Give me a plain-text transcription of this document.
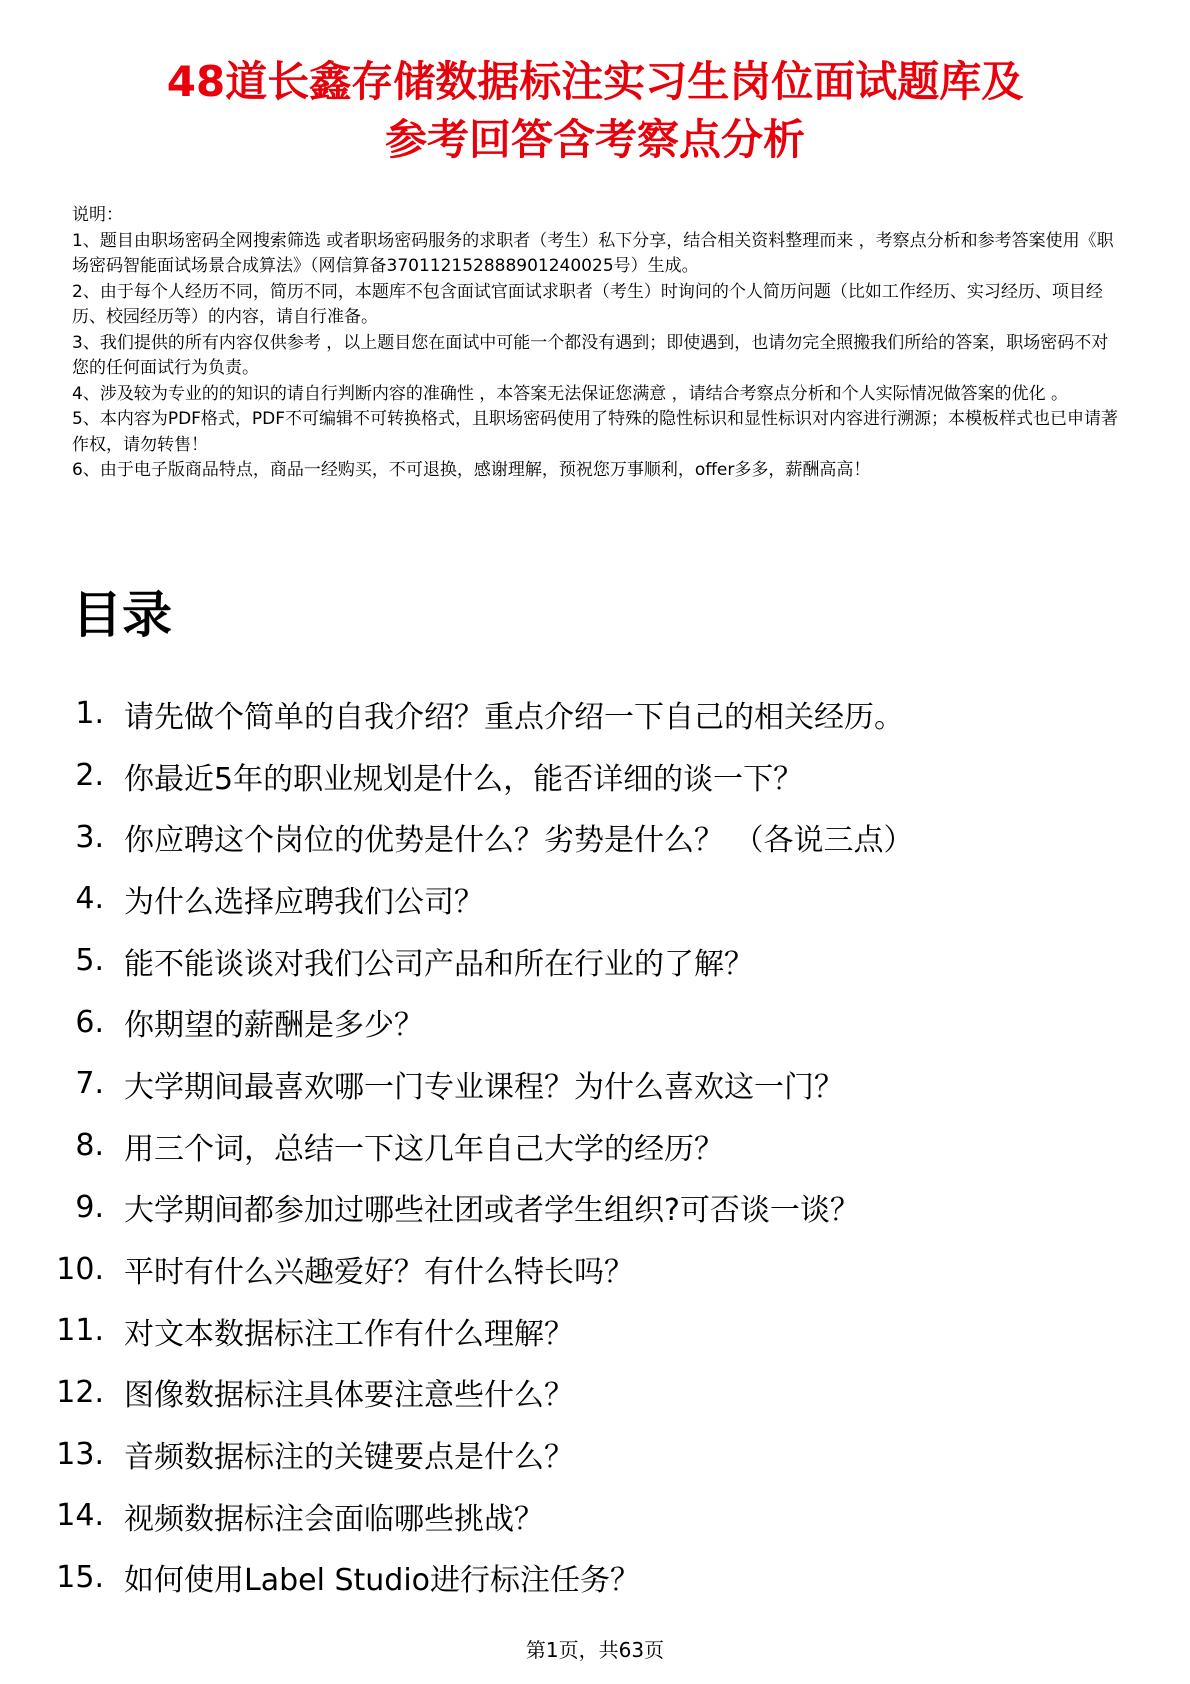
48道长鑫存储数据标注实习生岗位面试题库及
参考回答含考察点分析

说明：

1、题目由职场密码全网搜索筛选 或者职场密码服务的求职者（考生）私下分享，结合相关资料整理而来 ，考察点分析和参考答案使用《职场密码智能面试场景合成算法》（网信算备370112152888901240025号）生成。

2、由于每个人经历不同，简历不同，本题库不包含面试官面试求职者（考生）时询问的个人简历问题（比如工作经历、实习经历、项目经历、校园经历等）的内容，请自行准备。

3、我们提供的所有内容仅供参考 ，以上题目您在面试中可能一个都没有遇到；即使遇到，也请勿完全照搬我们所给的答案，职场密码不对您的任何面试行为负责。

4、涉及较为专业的的知识的请自行判断内容的准确性 ，本答案无法保证您满意 ，请结合考察点分析和个人实际情况做答案的优化 。

5、本内容为PDF格式，PDF不可编辑不可转换格式，且职场密码使用了特殊的隐性标识和显性标识对内容进行溯源；本模板样式也已申请著作权，请勿转售！

6、由于电子版商品特点，商品一经购买，不可退换，感谢理解，预祝您万事顺利，offer多多，薪酬高高！

目录
1. 请先做个简单的自我介绍？重点介绍一下自己的相关经历。
2. 你最近5年的职业规划是什么，能否详细的谈一下？
3. 你应聘这个岗位的优势是什么？劣势是什么？ （各说三点）
4. 为什么选择应聘我们公司？
5. 能不能谈谈对我们公司产品和所在行业的了解？
6. 你期望的薪酬是多少？
7. 大学期间最喜欢哪一门专业课程？为什么喜欢这一门？
8. 用三个词，总结一下这几年自己大学的经历？
9. 大学期间都参加过哪些社团或者学生组织?可否谈一谈？
10. 平时有什么兴趣爱好？有什么特长吗？
11. 对文本数据标注工作有什么理解？
12. 图像数据标注具体要注意些什么？
13. 音频数据标注的关键要点是什么？
14. 视频数据标注会面临哪些挑战？
15. 如何使用Label Studio进行标注任务？
第1页，共63页
